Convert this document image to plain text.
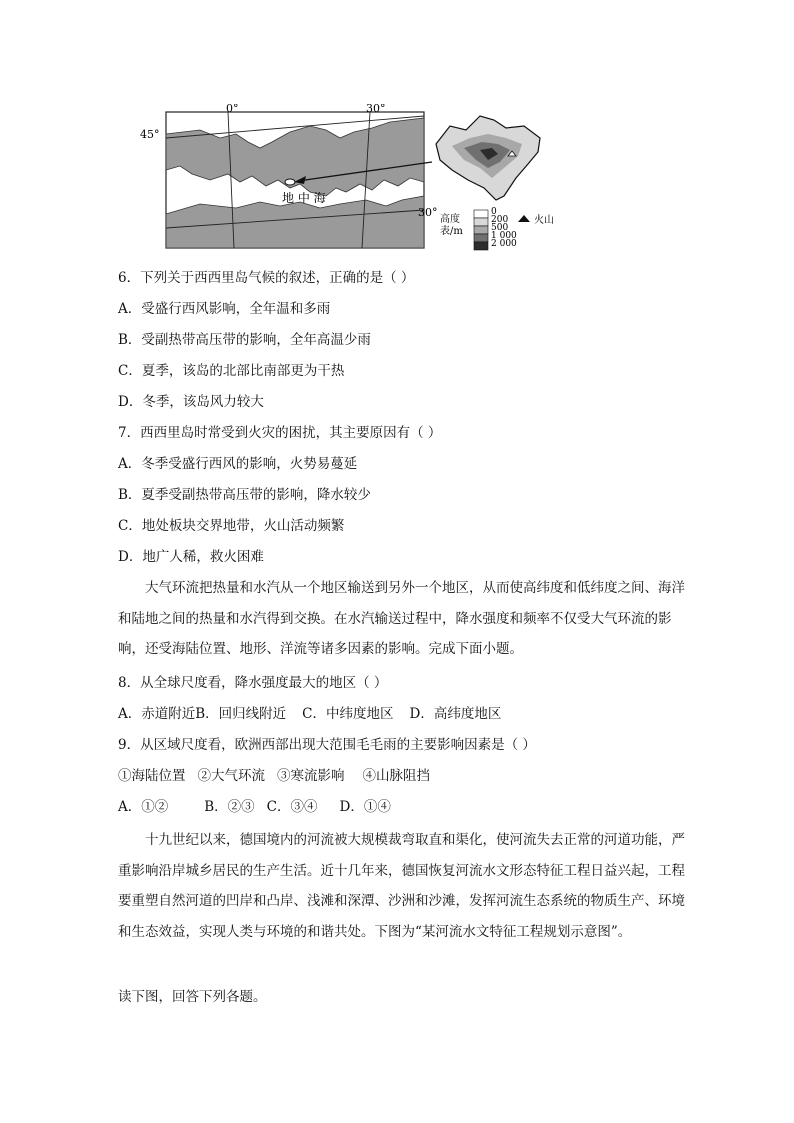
0°	30°
45°
30°
地 中 海
高度
表/m
0
200
500
1 000
2 000
火山
6．下列关于西西里岛气候的叙述，正确的是（ ）
A．受盛行西风影响，全年温和多雨
B．受副热带高压带的影响，全年高温少雨
C．夏季，该岛的北部比南部更为干热
D．冬季，该岛风力较大
7．西西里岛时常受到火灾的困扰，其主要原因有（ ）
A．冬季受盛行西风的影响，火势易蔓延
B．夏季受副热带高压带的影响，降水较少
C．地处板块交界地带，火山活动频繁
D．地广人稀，救火困难
大气环流把热量和水汽从一个地区输送到另外一个地区，从而使高纬度和低纬度之间、海洋和陆地之间的热量和水汽得到交换。在水汽输送过程中，降水强度和频率不仅受大气环流的影响，还受海陆位置、地形、洋流等诸多因素的影响。完成下面小题。
8．从全球尺度看，降水强度最大的地区（ ）
A．赤道附近B．回归线附近 C．中纬度地区 D．高纬度地区
9．从区域尺度看，欧洲西部出现大范围毛毛雨的主要影响因素是（ ）
①海陆位置 ②大气环流 ③寒流影响 ④山脉阻挡
A．①②	B．②③ C．③④ D．①④
十九世纪以来，德国境内的河流被大规模裁弯取直和渠化，使河流失去正常的河道功能，严重影响沿岸城乡居民的生产生活。近十几年来，德国恢复河流水文形态特征工程日益兴起，工程要重塑自然河道的凹岸和凸岸、浅滩和深潭、沙洲和沙滩，发挥河流生态系统的物质生产、环境和生态效益，实现人类与环境的和谐共处。下图为“某河流水文特征工程规划示意图”。
读下图，回答下列各题。
